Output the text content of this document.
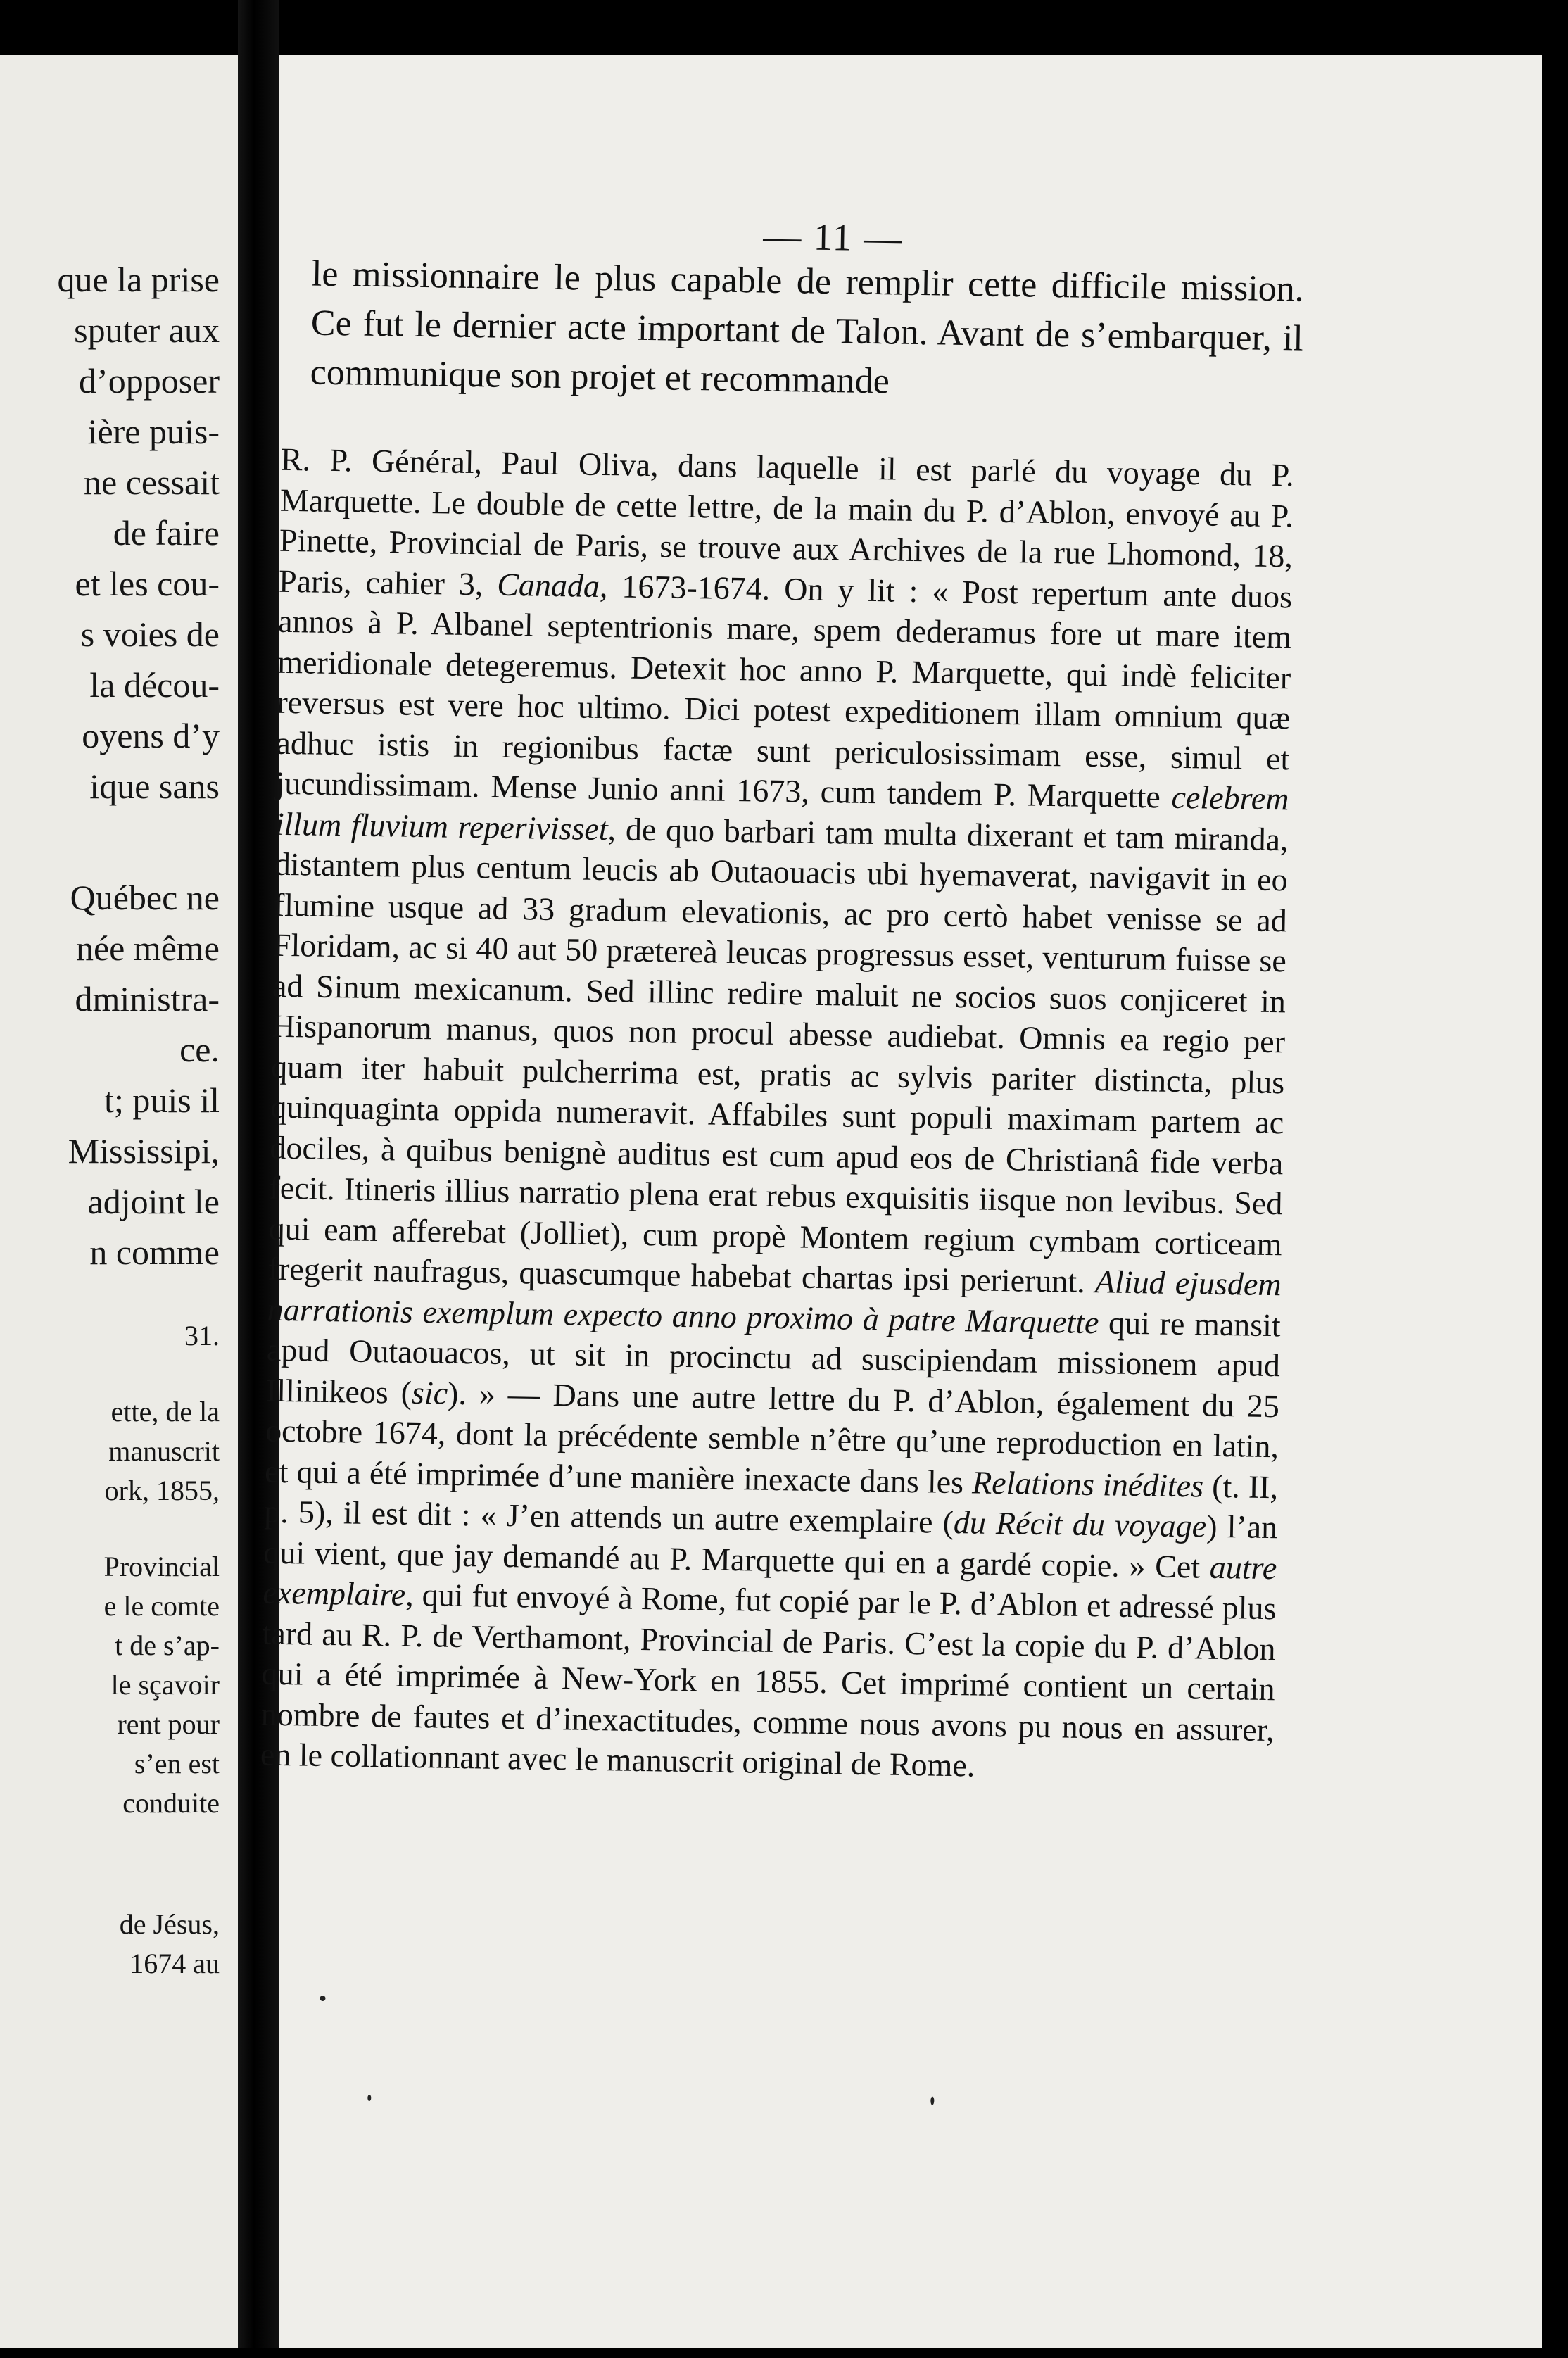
que la prise
sputer aux
d’opposer
ière puis-
ne cessait
de faire
et les cou-
s voies de
la décou-
oyens d’y
ique sans
Québec ne
née même
dministra-
ce.
t; puis il
Mississipi,
adjoint le
n comme
31.
ette, de la
manuscrit
ork, 1855,
Provincial
e le comte
t de s’ap-
le sçavoir
rent pour
s’en est
conduite
de Jésus,
1674 au
— 11 —

le missionnaire le plus capable de remplir cette difficile mission. Ce fut le dernier acte important de Talon. Avant de s’embarquer, il communique son projet et recommande

R. P. Général, Paul Oliva, dans laquelle il est parlé du voyage du P. Marquette. Le double de cette lettre, de la main du P. d’Ablon, envoyé au P. Pinette, Provincial de Paris, se trouve aux Archives de la rue Lhomond, 18, Paris, cahier 3, Canada, 1673-1674. On y lit : « Post repertum ante duos annos à P. Albanel septentrionis mare, spem dederamus fore ut mare item meridionale detegeremus. Detexit hoc anno P. Marquette, qui indè feliciter reversus est vere hoc ultimo. Dici potest expeditionem illam omnium quæ adhuc istis in regionibus factæ sunt periculosissimam esse, simul et jucundissimam. Mense Junio anni 1673, cum tandem P. Marquette celebrem illum fluvium reperivisset, de quo barbari tam multa dixerant et tam miranda, distantem plus centum leucis ab Outaouacis ubi hyemaverat, navigavit in eo flumine usque ad 33 gradum elevationis, ac pro certò habet venisse se ad Floridam, ac si 40 aut 50 prætereà leucas progressus esset, venturum fuisse se ad Sinum mexicanum. Sed illinc redire maluit ne socios suos conjiceret in Hispanorum manus, quos non procul abesse audiebat. Omnis ea regio per quam iter habuit pulcherrima est, pratis ac sylvis pariter distincta, plus quinquaginta oppida numeravit. Affabiles sunt populi maximam partem ac dociles, à quibus benignè auditus est cum apud eos de Christianâ fide verba fecit. Itineris illius narratio plena erat rebus exquisitis iisque non levibus. Sed qui eam afferebat (Jolliet), cum propè Montem regium cymbam corticeam fregerit naufragus, quascumque habebat chartas ipsi perierunt. Aliud ejusdem narrationis exemplum expecto anno proximo à patre Marquette qui re mansit apud Outaouacos, ut sit in procinctu ad suscipiendam missionem apud Illinikeos (sic). » — Dans une autre lettre du P. d’Ablon, également du 25 octobre 1674, dont la précédente semble n’être qu’une reproduction en latin, et qui a été imprimée d’une manière inexacte dans les Relations inédites (t. II, p. 5), il est dit : « J’en attends un autre exemplaire (du Récit du voyage) l’an qui vient, que jay demandé au P. Marquette qui en a gardé copie. » Cet autre exemplaire, qui fut envoyé à Rome, fut copié par le P. d’Ablon et adressé plus tard au R. P. de Verthamont, Provincial de Paris. C’est la copie du P. d’Ablon qui a été imprimée à New-York en 1855. Cet imprimé contient un certain nombre de fautes et d’inexactitudes, comme nous avons pu nous en assurer, en le collationnant avec le manuscrit original de Rome.
